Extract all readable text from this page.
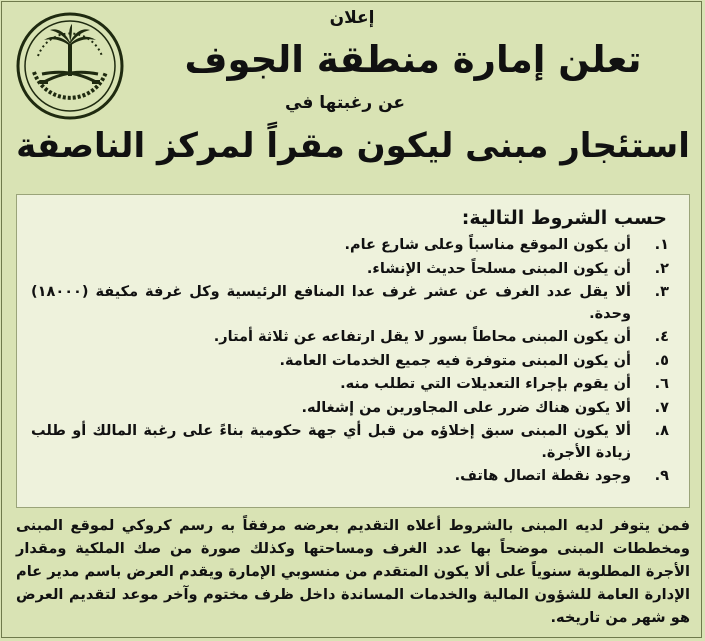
إعلان
تعلن إمارة منطقة الجوف
عن رغبتها في
استئجار مبنى ليكون مقراً لمركز الناصفة
حسب الشروط التالية:
١.
أن يكون الموقع مناسباً وعلى شارع عام.
٢.
أن يكون المبنى مسلحاً حديث الإنشاء.
٣.
ألا يقل عدد الغرف عن عشر غرف عدا المنافع الرئيسية وكل غرفة مكيفة (١٨٠٠٠) وحدة.
٤.
أن يكون المبنى محاطاً بسور لا يقل ارتفاعه عن ثلاثة أمتار.
٥.
أن يكون المبنى متوفرة فيه جميع الخدمات العامة.
٦.
أن يقوم بإجراء التعديلات التي تطلب منه.
٧.
ألا يكون هناك ضرر على المجاورين من إشغاله.
٨.
ألا يكون المبنى سبق إخلاؤه من قبل أي جهة حكومية بناءً على رغبة المالك أو طلب زيادة الأجرة.
٩.
وجود نقطة اتصال هاتف.
فمن يتوفر لديه المبنى بالشروط أعلاه التقديم بعرضه مرفقاً به رسم كروكي لموقع المبنى ومخططات المبنى موضحاً بها عدد الغرف ومساحتها وكذلك صورة من صك الملكية ومقدار الأجرة المطلوبة سنوياً على ألا يكون المتقدم من منسوبي الإمارة ويقدم العرض باسم مدير عام الإدارة العامة للشؤون المالية والخدمات المساندة داخل ظرف مختوم وآخر موعد لتقديم العرض هو شهر من تاريخه.
